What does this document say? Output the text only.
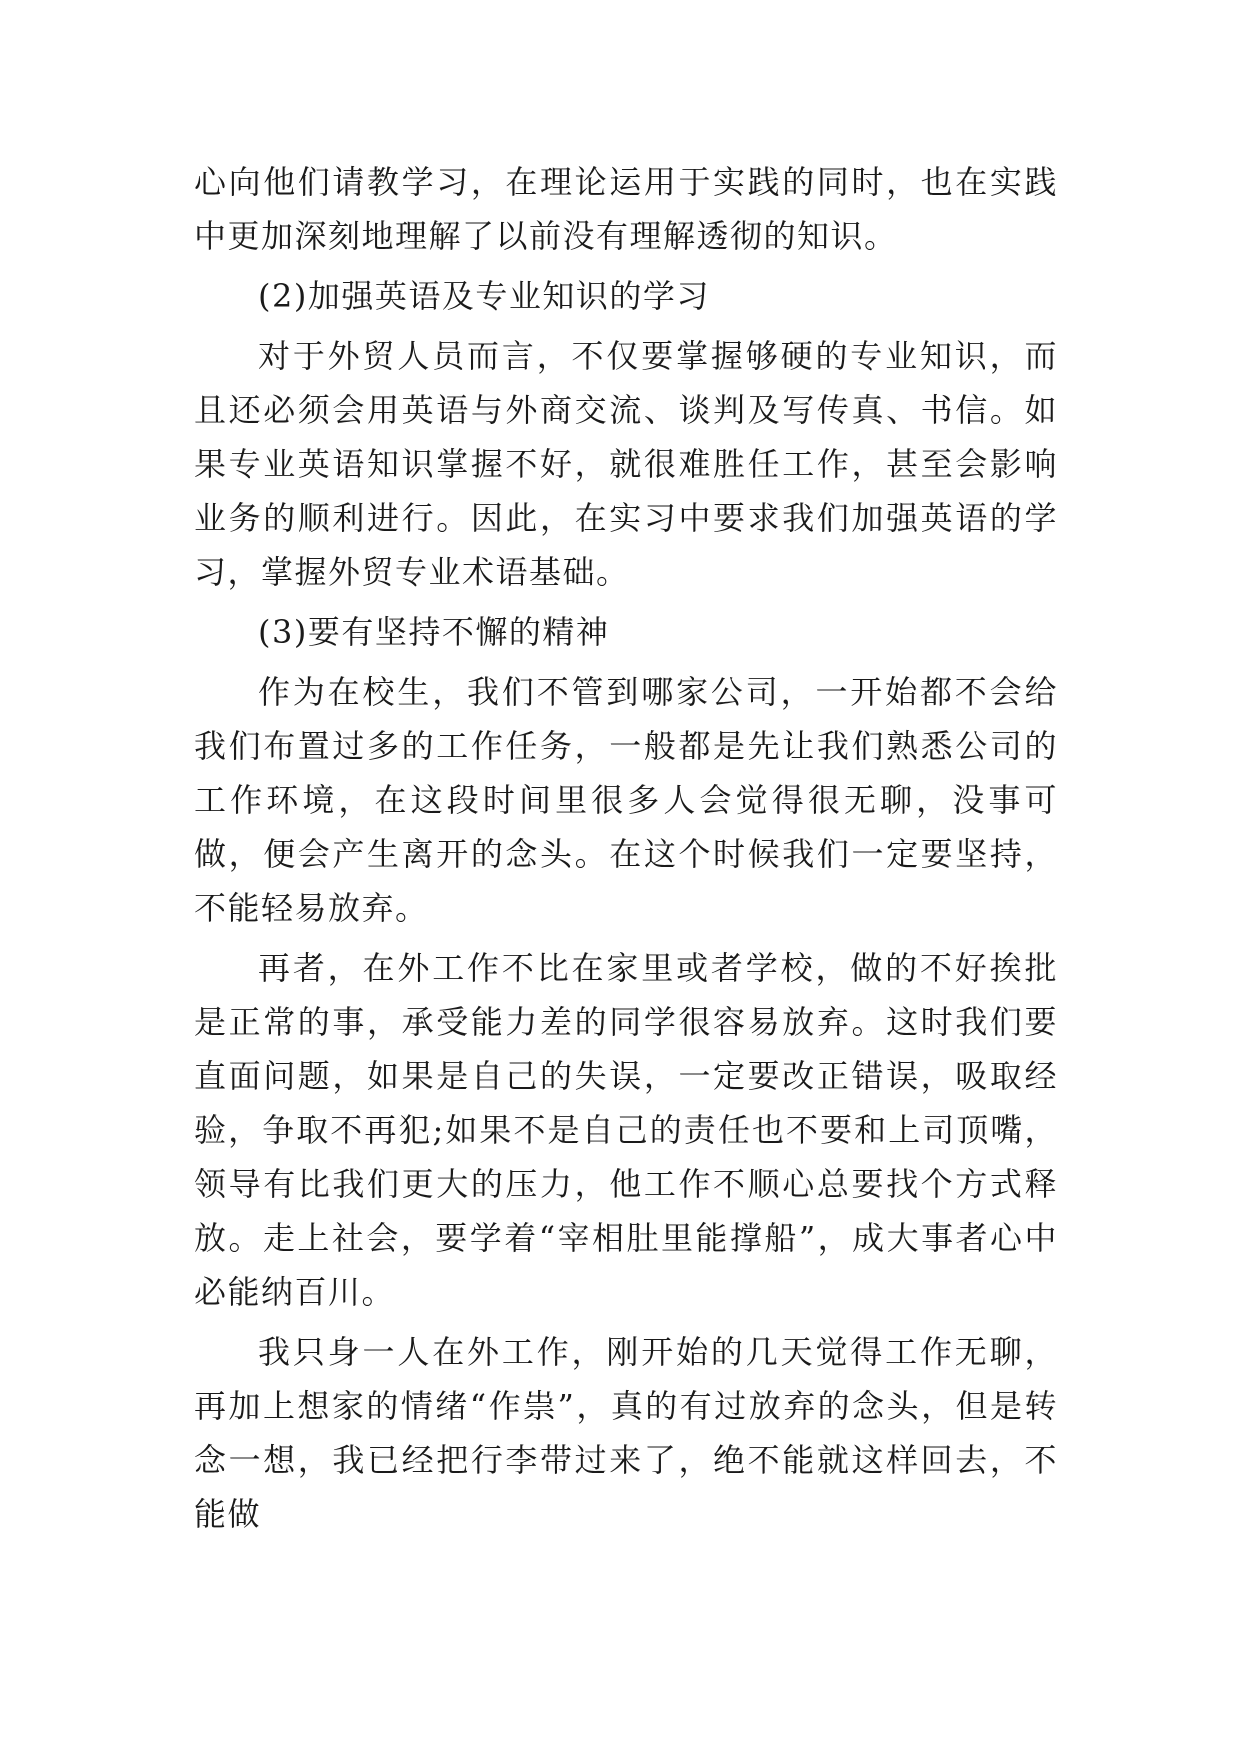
心向他们请教学习，在理论运用于实践的同时，也在实践中更加深刻地理解了以前没有理解透彻的知识。

(2)加强英语及专业知识的学习

对于外贸人员而言，不仅要掌握够硬的专业知识，而且还必须会用英语与外商交流、谈判及写传真、书信。如果专业英语知识掌握不好，就很难胜任工作，甚至会影响业务的顺利进行。因此，在实习中要求我们加强英语的学习，掌握外贸专业术语基础。

(3)要有坚持不懈的精神

作为在校生，我们不管到哪家公司，一开始都不会给我们布置过多的工作任务，一般都是先让我们熟悉公司的工作环境，在这段时间里很多人会觉得很无聊，没事可做，便会产生离开的念头。在这个时候我们一定要坚持，不能轻易放弃。

再者，在外工作不比在家里或者学校，做的不好挨批是正常的事，承受能力差的同学很容易放弃。这时我们要直面问题，如果是自己的失误，一定要改正错误，吸取经验，争取不再犯;如果不是自己的责任也不要和上司顶嘴，领导有比我们更大的压力，他工作不顺心总要找个方式释放。走上社会，要学着“宰相肚里能撑船”，成大事者心中必能纳百川。

我只身一人在外工作，刚开始的几天觉得工作无聊，再加上想家的情绪“作祟”，真的有过放弃的念头，但是转念一想，我已经把行李带过来了，绝不能就这样回去，不能做
